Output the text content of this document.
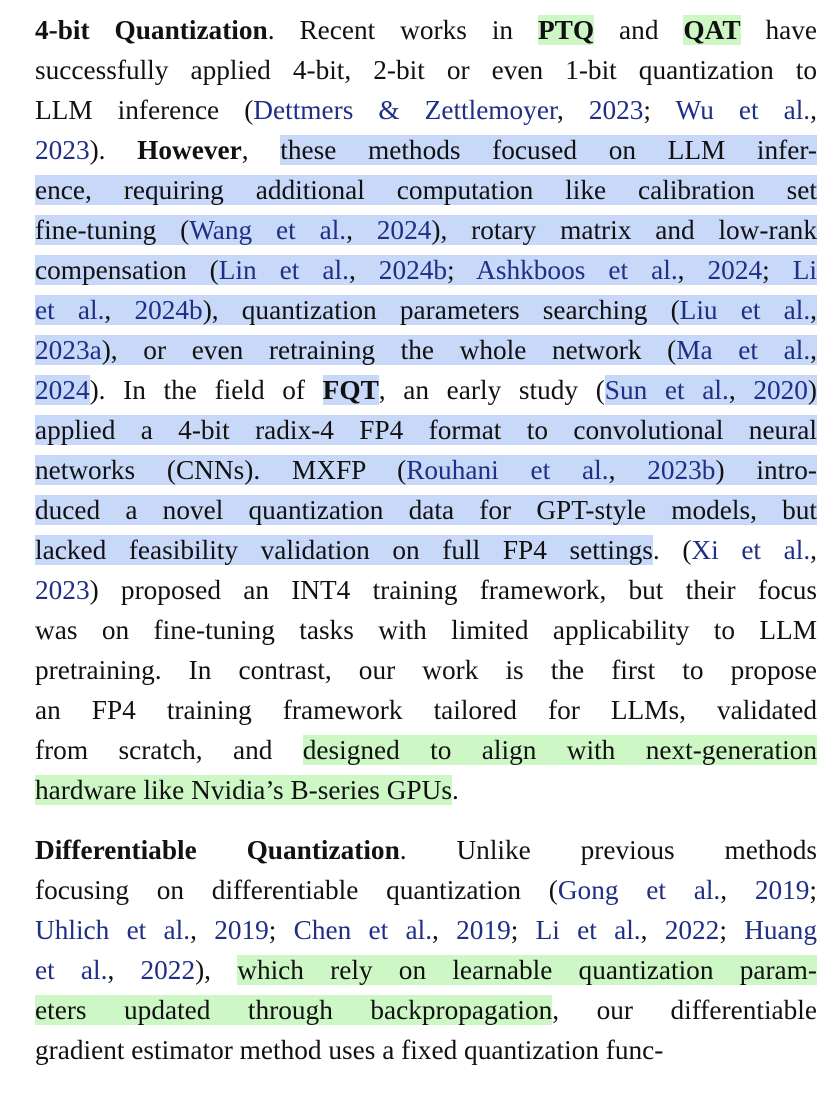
4-bit Quantization. Recent works in PTQ and QAT have
successfully applied 4-bit, 2-bit or even 1-bit quantization to
LLM inference (Dettmers & Zettlemoyer, 2023; Wu et al.,
2023). However, these methods focused on LLM infer-
ence, requiring additional computation like calibration set
fine-tuning (Wang et al., 2024), rotary matrix and low-rank
compensation (Lin et al., 2024b; Ashkboos et al., 2024; Li
et al., 2024b), quantization parameters searching (Liu et al.,
2023a), or even retraining the whole network (Ma et al.,
2024). In the field of FQT, an early study (Sun et al., 2020)
applied a 4-bit radix-4 FP4 format to convolutional neural
networks (CNNs). MXFP (Rouhani et al., 2023b) intro-
duced a novel quantization data for GPT-style models, but
lacked feasibility validation on full FP4 settings. (Xi et al.,
2023) proposed an INT4 training framework, but their focus
was on fine-tuning tasks with limited applicability to LLM
pretraining. In contrast, our work is the first to propose
an FP4 training framework tailored for LLMs, validated
from scratch, and designed to align with next-generation
hardware like Nvidia’s B-series GPUs.
Differentiable Quantization. Unlike previous methods
focusing on differentiable quantization (Gong et al., 2019;
Uhlich et al., 2019; Chen et al., 2019; Li et al., 2022; Huang
et al., 2022), which rely on learnable quantization param-
eters updated through backpropagation, our differentiable
gradient estimator method uses a fixed quantization func-
